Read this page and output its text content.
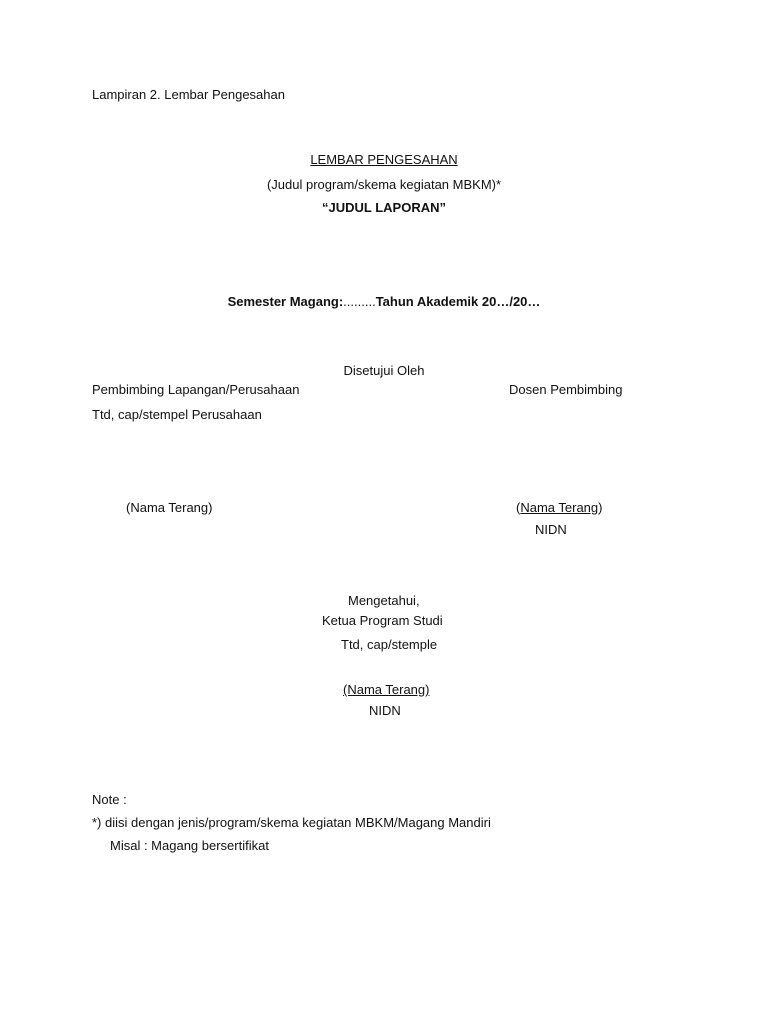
Lampiran 2. Lembar Pengesahan
LEMBAR PENGESAHAN
(Judul program/skema kegiatan MBKM)*
“JUDUL LAPORAN”
Semester Magang:.........Tahun Akademik 20…/20…
Disetujui Oleh
Pembimbing Lapangan/Perusahaan	Dosen Pembimbing
Ttd, cap/stempel Perusahaan
(Nama Terang)	(Nama Terang)
NIDN
Mengetahui,
Ketua Program Studi
Ttd, cap/stemple
(Nama Terang)
NIDN
Note :
*) diisi dengan jenis/program/skema kegiatan MBKM/Magang Mandiri
Misal : Magang bersertifikat
